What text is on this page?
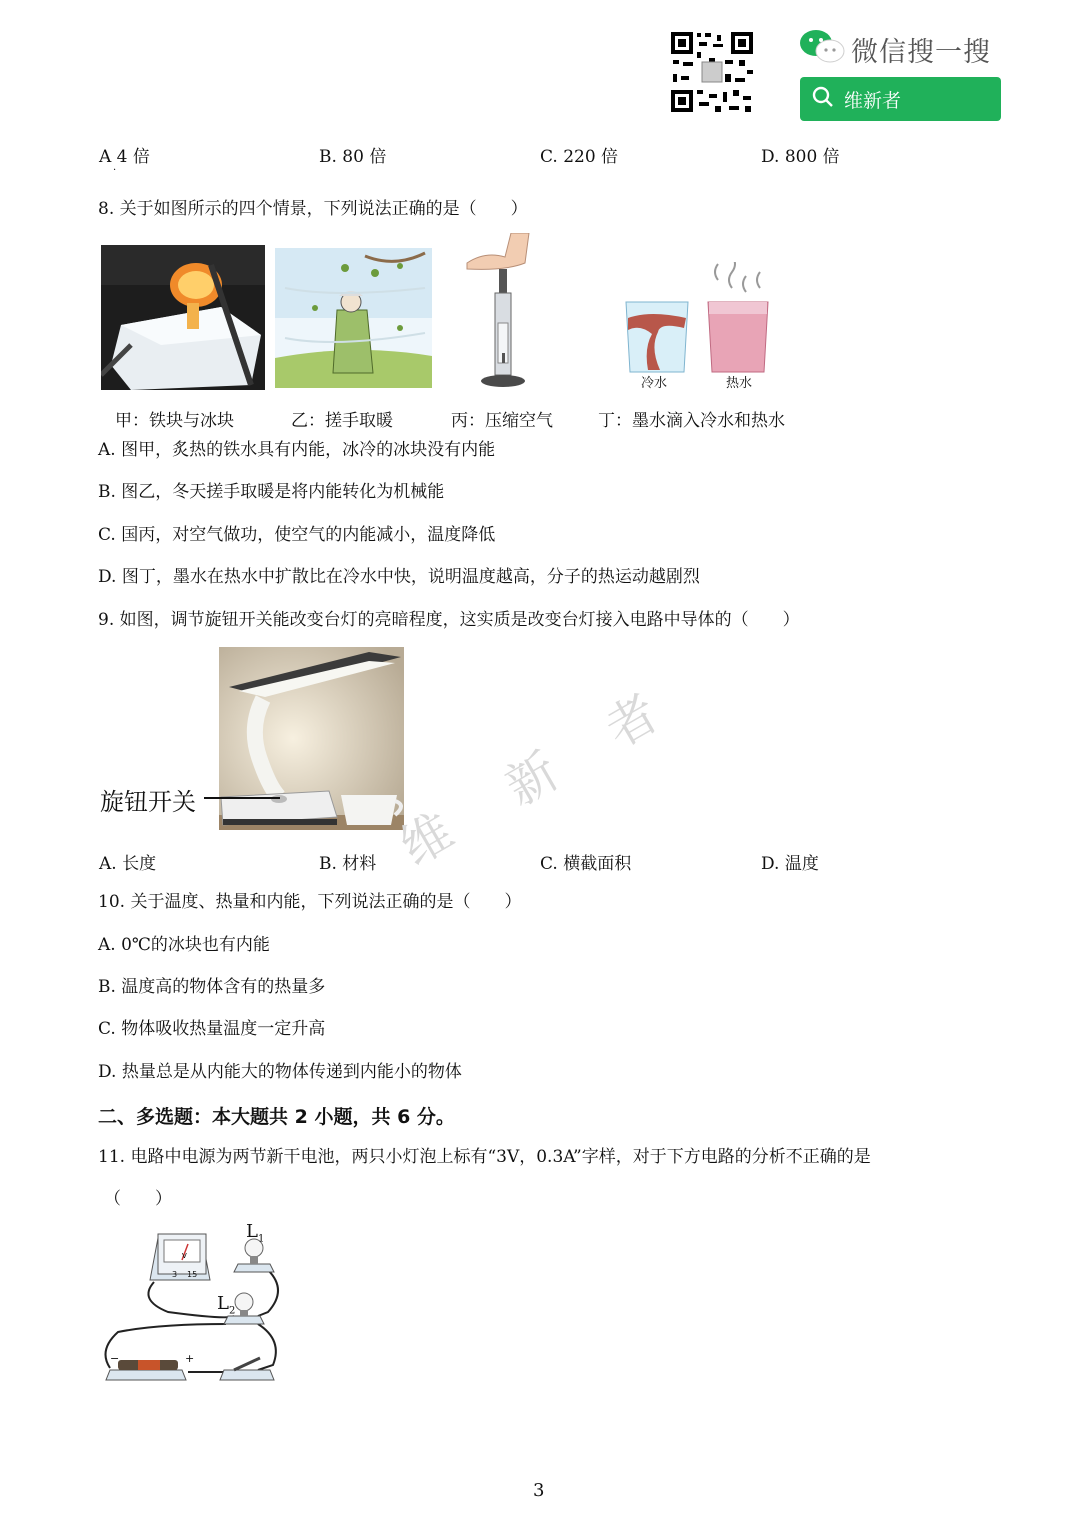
微信搜一搜
维新者
A 4 倍
·
B. 80 倍	C. 220 倍	D. 800 倍
8. 关于如图所示的四个情景，下列说法正确的是（　　）
冷水	热水
甲：铁块与冰块	乙：搓手取暖	丙：压缩空气	丁：墨水滴入冷水和热水
A. 图甲，炙热的铁水具有内能，冰冷的冰块没有内能
B. 图乙，冬天搓手取暖是将内能转化为机械能
C. 国丙，对空气做功，使空气的内能减小，温度降低
D. 图丁，墨水在热水中扩散比在冷水中快，说明温度越高，分子的热运动越剧烈
9. 如图，调节旋钮开关能改变台灯的亮暗程度，这实质是改变台灯接入电路中导体的（　　）
旋钮开关	维
新
者
A. 长度	B. 材料	C. 横截面积	D. 温度
10. 关于温度、热量和内能，下列说法正确的是（　　）
A. 0℃的冰块也有内能
B. 温度高的物体含有的热量多
C. 物体吸收热量温度一定升高
D. 热量总是从内能大的物体传递到内能小的物体
二、多选题：本大题共 2 小题，共 6 分。
11. 电路中电源为两节新干电池，两只小灯泡上标有“3V，0.3A”字样，对于下方电路的分析不正确的是
（　　）
V
$L_1$
$L_2$
3 15
−	+
3
